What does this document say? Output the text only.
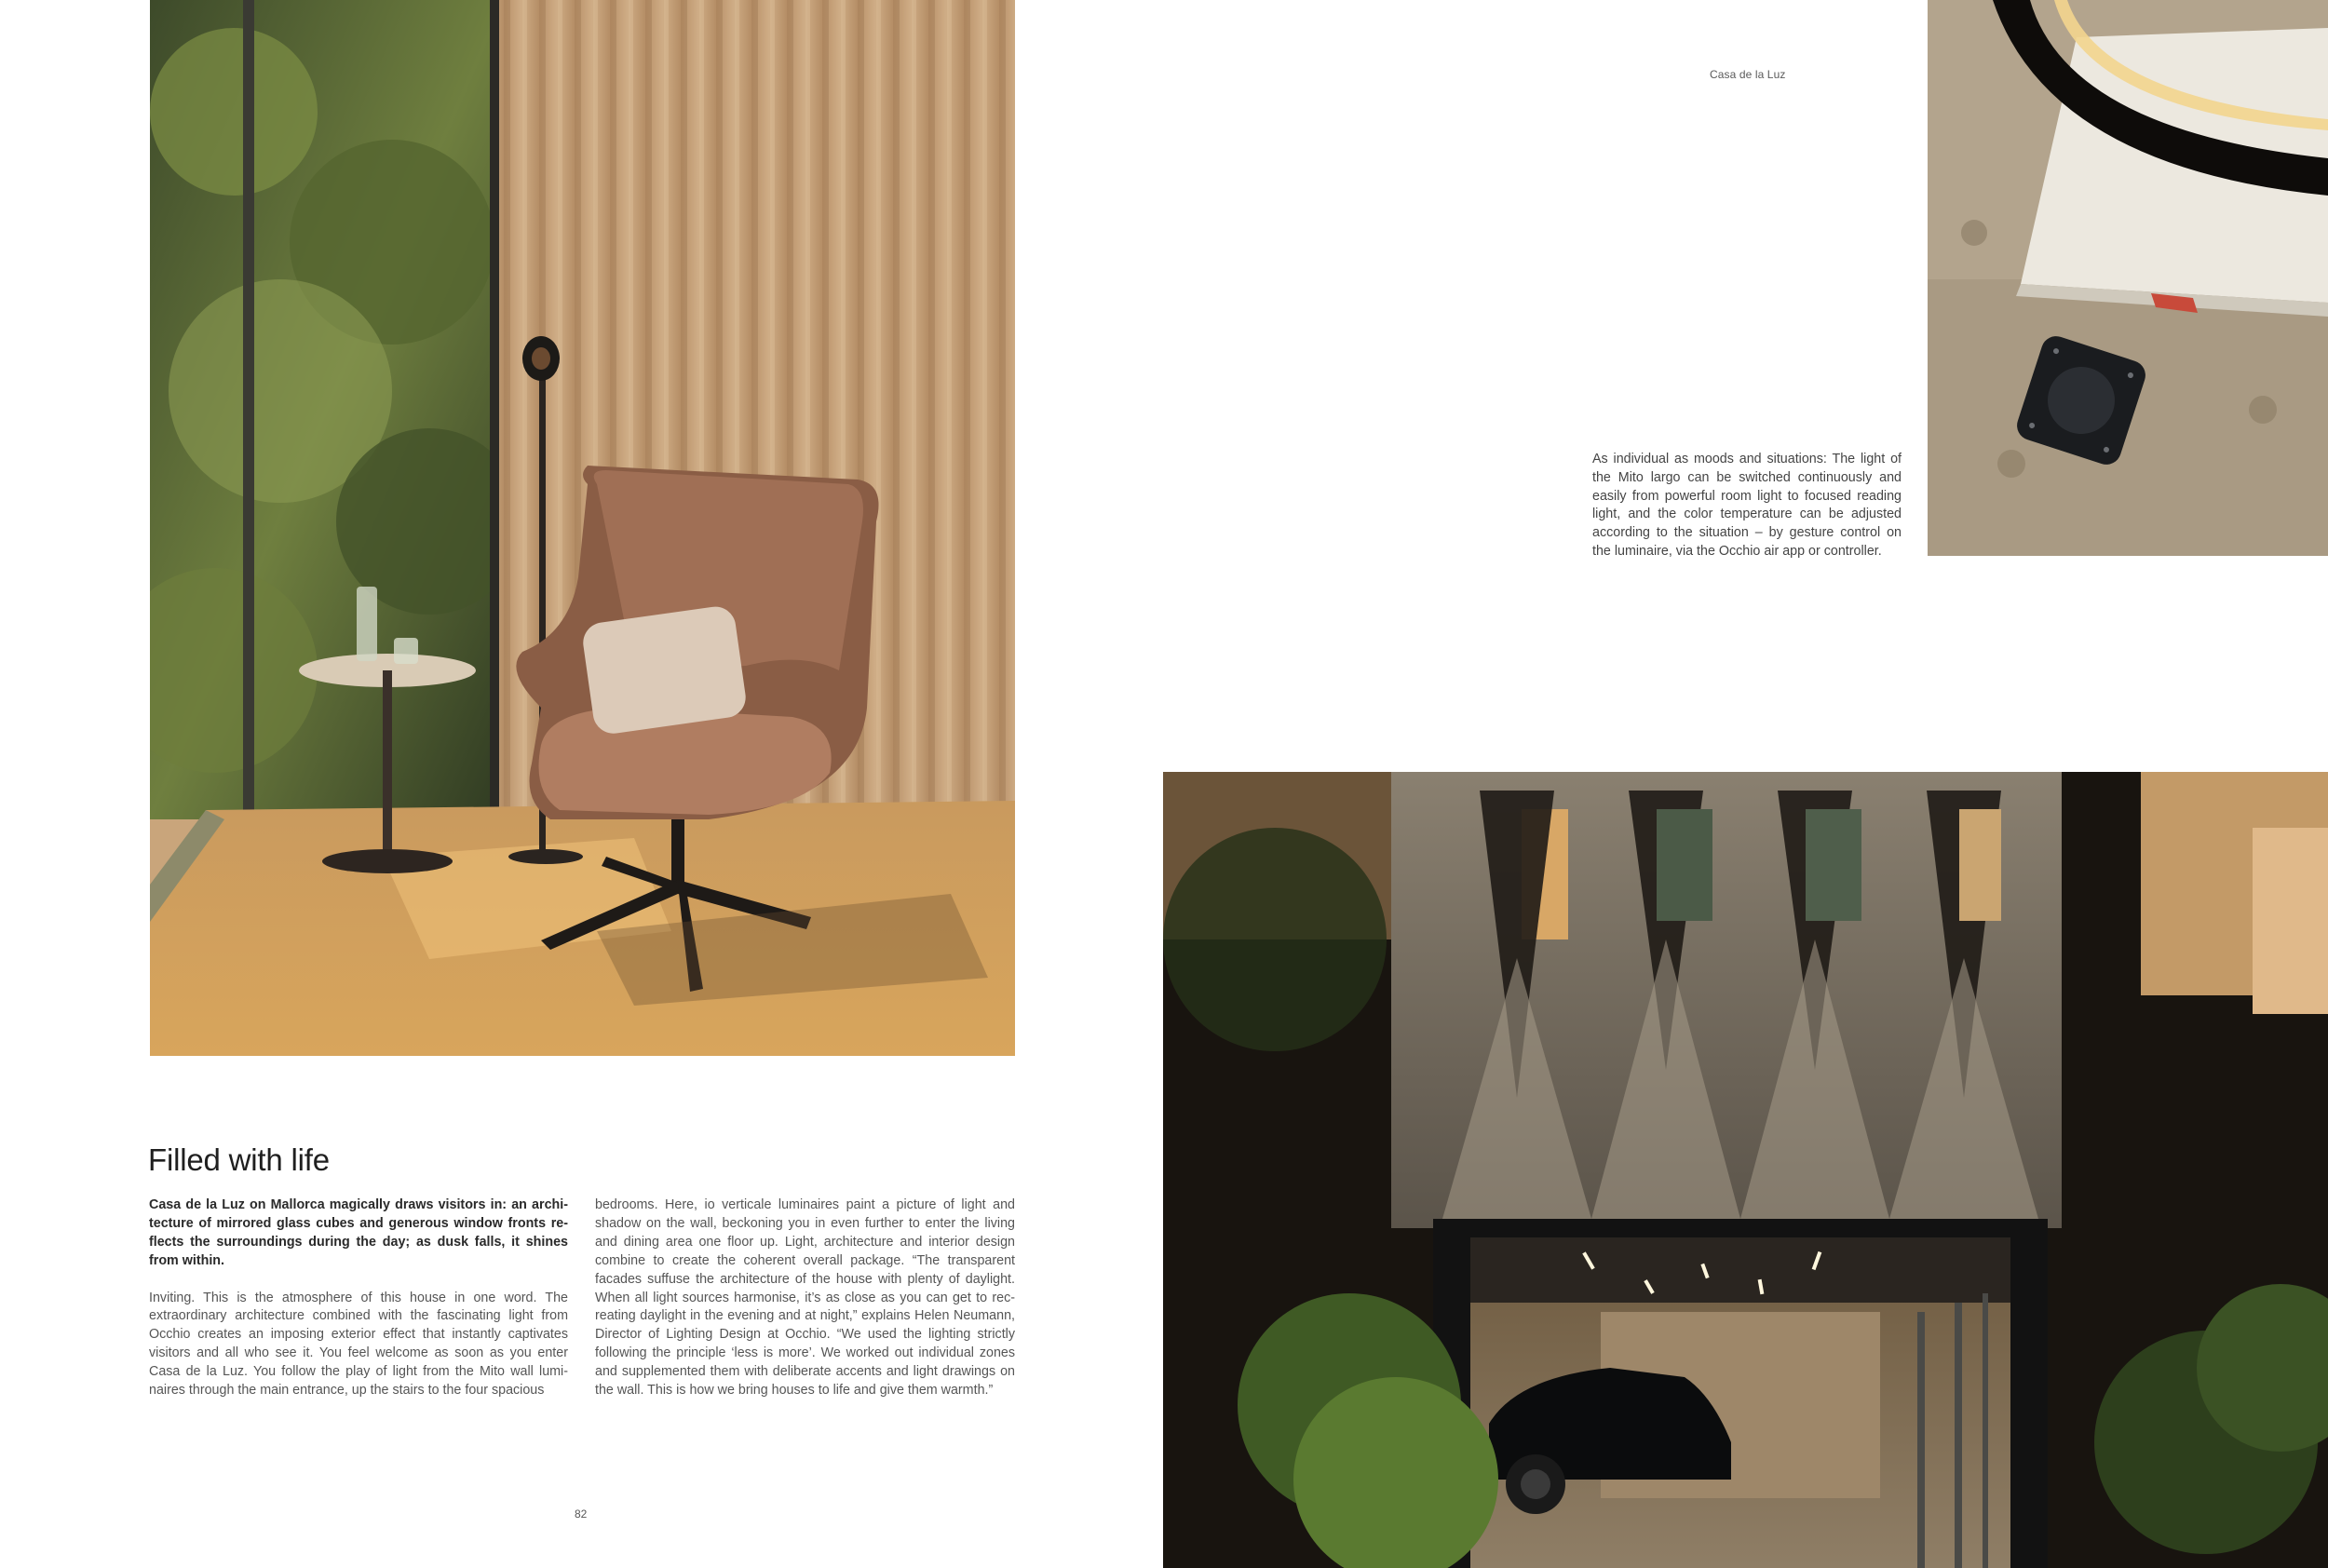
Casa de la Luz

As individual as moods and situations: The light of the Mito largo can be switched continuously and easily from powerful room light to focused reading light, and the color temperature can be adjusted according to the situation – by gesture control on the luminaire, via the Occhio air app or controller.

Filled with life

Casa de la Luz on Mallorca magically draws visitors in: an architecture of mirrored glass cubes and generous window fronts reflects the surroundings during the day; as dusk falls, it shines from within.

Inviting. This is the atmosphere of this house in one word. The extraordinary architecture combined with the fascinating light from Occhio creates an imposing exterior effect that instantly captivates visitors and all who see it. You feel welcome as soon as you enter Casa de la Luz. You follow the play of light from the Mito wall luminaires through the main entrance, up the stairs to the four spacious

bedrooms. Here, io verticale luminaires paint a picture of light and shadow on the wall, beckoning you in even further to enter the living and dining area one floor up. Light, architecture and interior design combine to create the coherent overall package. “The transparent facades suffuse the architecture of the house with plenty of daylight. When all light sources harmonise, it’s as close as you can get to recreating daylight in the evening and at night,” explains Helen Neumann, Director of Lighting Design at Occhio. “We used the lighting strictly following the principle ‘less is more’. We worked out individual zones and supplemented them with deliberate accents and light drawings on the wall. This is how we bring houses to life and give them warmth.”

82
